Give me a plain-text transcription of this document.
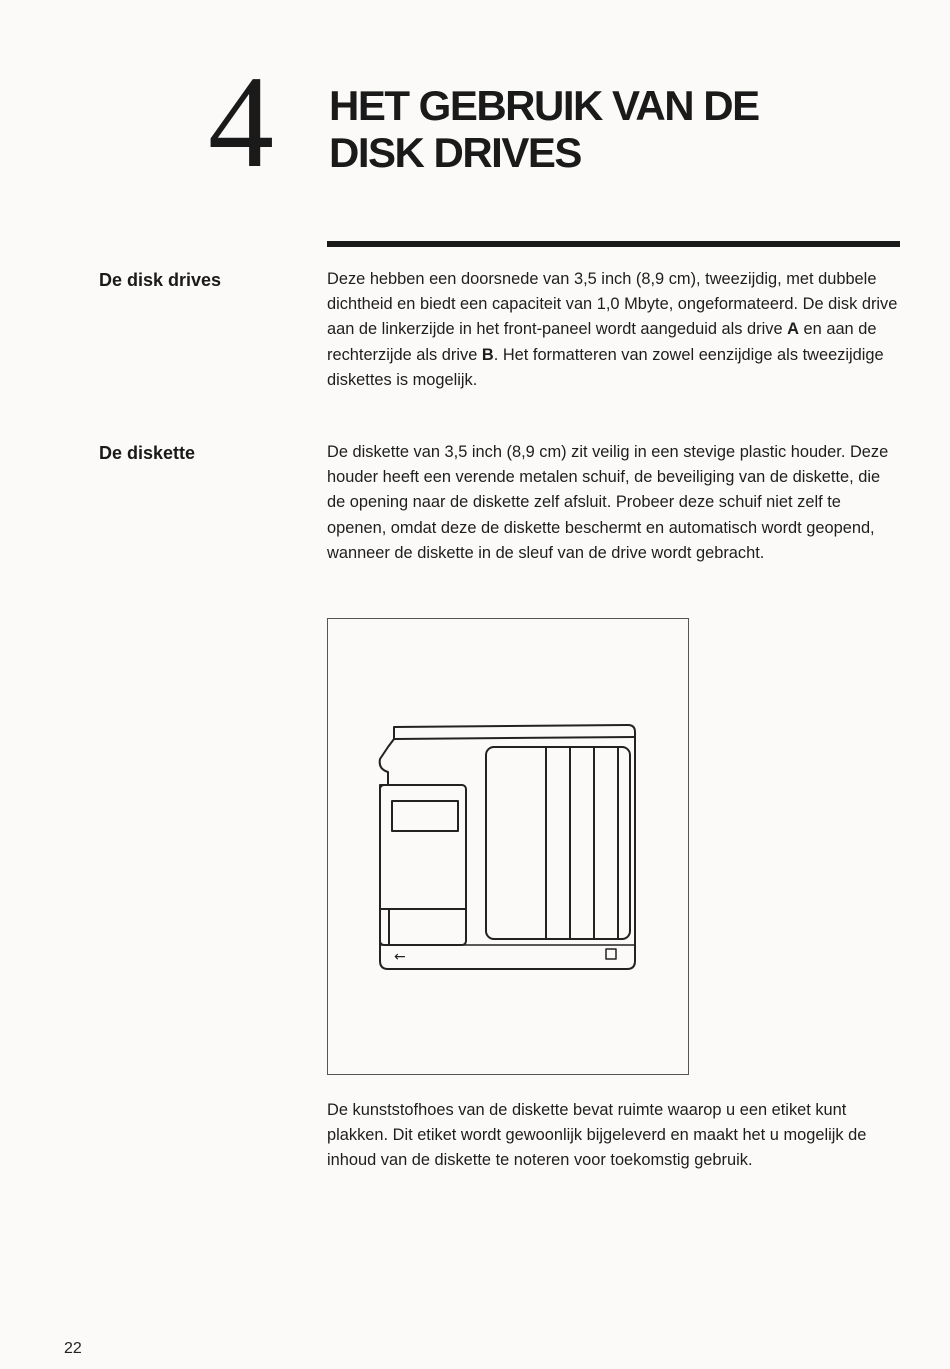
4 HET GEBRUIK VAN DE
DISK DRIVES
De disk drives	Deze hebben een doorsnede van 3,5 inch (8,9 cm), tweezijdig, met dubbele dichtheid en biedt een capaciteit van 1,0 Mbyte, ongeformateerd. De disk drive aan de linkerzijde in het front-paneel wordt aangeduid als drive A en aan de rechterzijde als drive B. Het formatteren van zowel eenzijdige als tweezijdige diskettes is mogelijk.

De diskette	De diskette van 3,5 inch (8,9 cm) zit veilig in een stevige plastic houder. Deze houder heeft een verende metalen schuif, de beveiliging van de diskette, die de opening naar de diskette zelf afsluit. Probeer deze schuif niet zelf te openen, omdat deze de diskette beschermt en automatisch wordt geopend, wanneer de diskette in de sleuf van de drive wordt gebracht.

←

De kunststofhoes van de diskette bevat ruimte waarop u een etiket kunt plakken. Dit etiket wordt gewoonlijk bijgeleverd en maakt het u mogelijk de inhoud van de diskette te noteren voor toekomstig gebruik.

22
